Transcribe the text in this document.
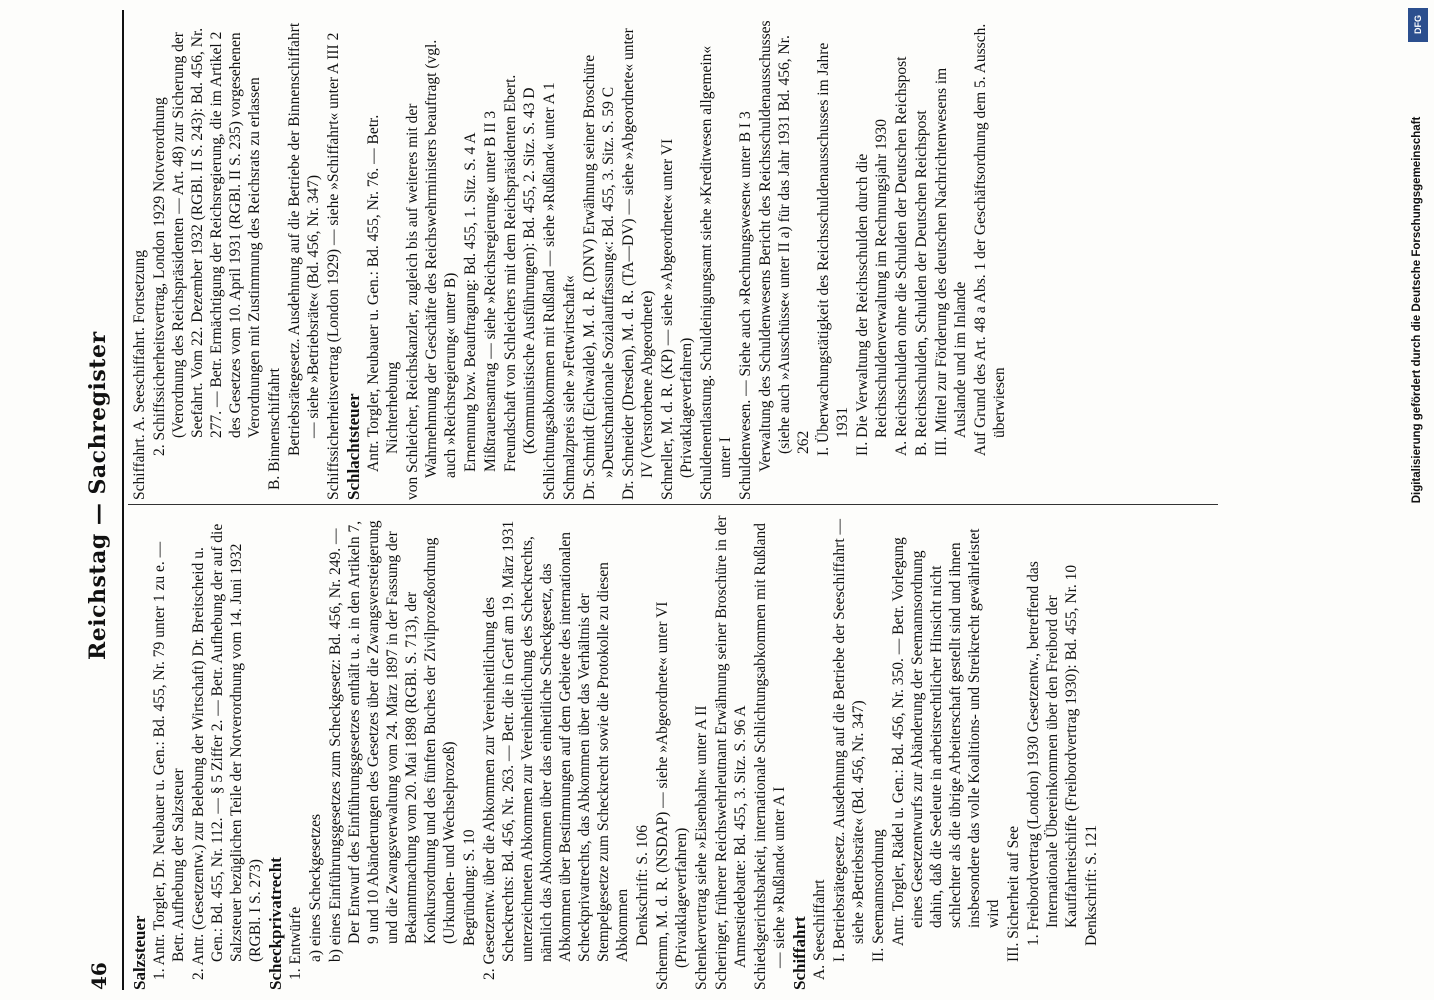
46
Reichstag — Sachregister

Salzsteuer 1. Antr. Torgler, Dr. Neubauer u. Gen.: Bd. 455, Nr. 79 unter 1 zu e. — Betr. Aufhebung der Salzsteuer 2. Antr. (Gesetzentw.) zur Belebung der Wirtschaft) Dr. Breitscheid u. Gen.: Bd. 455, Nr. 112. — § 5 Ziffer 2. — Betr. Aufhebung der auf die Salzsteuer bezüglichen Teile der Notverordnung vom 14. Juni 1932 (RGBl. I S. 273) Scheckprivatrecht 1. Entwürfe a) eines Scheckgesetzes b) eines Einführungsgesetzes zum Scheckgesetz: Bd. 456, Nr. 249. — Der Entwurf des Einführungsgesetzes enthält u. a. in den Artikeln 7, 9 und 10 Abänderungen des Gesetzes über die Zwangsversteigerung und die Zwangsverwaltung vom 24. März 1897 in der Fassung der Bekanntmachung vom 20. Mai 1898 (RGBl. S. 713), der Konkursordnung und des fünften Buches der Zivilprozeßordnung (Urkunden- und Wechselprozeß) Begründung: S. 10 2. Gesetzentw. über die Abkommen zur Vereinheitlichung des Scheckrechts: Bd. 456, Nr. 263. — Betr. die in Genf am 19. März 1931 unterzeichneten Abkommen zur Vereinheitlichung des Scheckrechts, nämlich das Abkommen über das einheitliche Scheckgesetz, das Abkommen über Bestimmungen auf dem Gebiete des internationalen Scheckprivatrechts, das Abkommen über das Verhältnis der Stempelgesetze zum Scheckrecht sowie die Protokolle zu diesen Abkommen Denkschrift: S. 106 Schemm, M. d. R. (NSDAP) — siehe »Abgeordnete« unter VI (Privatklageverfahren) Schenkervertrag siehe »Eisenbahn« unter A II Scheringer, früherer Reichswehrleutnant Erwähnung seiner Broschüre in der Amnestiedebatte: Bd. 455, 3. Sitz. S. 96 A Schiedsgerichtsbarkeit, internationale Schlichtungsabkommen mit Rußland — siehe »Rußland« unter A I Schiffahrt A. Seeschiffahrt I. Betriebsrätegesetz. Ausdehnung auf die Betriebe der Seeschiffahrt — siehe »Betriebsräte« (Bd. 456, Nr. 347) II. Seemannsordnung Antr. Torgler, Rädel u. Gen.: Bd. 456, Nr. 350. — Betr. Vorlegung eines Gesetzentwurfs zur Abänderung der Seemannsordnung dahin, daß die Seeleute in arbeitsrechtlicher Hinsicht nicht schlechter als die übrige Arbeiterschaft gestellt sind und ihnen insbesondere das volle Koalitions- und Streikrecht gewährleistet wird III. Sicherheit auf See 1. Freibordvertrag (London) 1930 Gesetzentw., betreffend das Internationale Übereinkommen über den Freibord der Kauffahrteischiffe (Freibordvertrag 1930): Bd. 455, Nr. 10 Denkschrift: S. 121

Schiffahrt. A. Seeschiffahrt. Fortsetzung 2. Schiffssicherheitsvertrag, London 1929 Notverordnung (Verordnung des Reichspräsidenten — Art. 48) zur Sicherung der Seefahrt. Vom 22. Dezember 1932 (RGBl. II S. 243): Bd. 456, Nr. 277. — Betr. Ermächtigung der Reichsregierung, die im Artikel 2 des Gesetzes vom 10. April 1931 (RGBl. II S. 235) vorgesehenen Verordnungen mit Zustimmung des Reichsrats zu erlassen B. Binnenschiffahrt Betriebsrätegesetz. Ausdehnung auf die Betriebe der Binnenschiffahrt — siehe »Betriebsräte« (Bd. 456, Nr. 347) Schiffssicherheitsvertrag (London 1929) — siehe »Schiffahrt« unter A III 2 Schlachtsteuer Antr. Torgler, Neubauer u. Gen.: Bd. 455, Nr. 76. — Betr. Nichterhebung von Schleicher, Reichskanzler, zugleich bis auf weiteres mit der Wahrnehmung der Geschäfte des Reichswehrministers beauftragt (vgl. auch »Reichsregierung« unter B) Ernennung bzw. Beauftragung: Bd. 455, 1. Sitz. S. 4 A Mißtrauensantrag — siehe »Reichsregierung« unter B II 3 Freundschaft von Schleichers mit dem Reichspräsidenten Ebert. (Kommunistische Ausführungen): Bd. 455, 2. Sitz. S. 43 D Schlichtungsabkommen mit Rußland — siehe »Rußland« unter A 1 Schmalzpreis siehe »Fettwirtschaft« Dr. Schmidt (Eichwalde), M. d. R. (DNV) Erwähnung seiner Broschüre »Deutschnationale Sozialauffassung«: Bd. 455, 3. Sitz. S. 59 C Dr. Schneider (Dresden), M. d. R. (TA—DV) — siehe »Abgeordnete« unter IV (Verstorbene Abgeordnete) Schneller, M. d. R. (KP) — siehe »Abgeordnete« unter VI (Privatklageverfahren) Schuldenentlastung. Schuldeinigungsamt siehe »Kreditwesen allgemein« unter I Schuldenwesen. — Siehe auch »Rechnungswesen« unter B I 3 Verwaltung des Schuldenwesens Bericht des Reichsschuldenausschusses (siehe auch »Ausschüsse« unter II a) für das Jahr 1931 Bd. 456, Nr. 262 I. Überwachungstätigkeit des Reichsschuldenausschusses im Jahre 1931 II. Die Verwaltung der Reichsschulden durch die Reichsschuldenverwaltung im Rechnungsjahr 1930 A. Reichsschulden ohne die Schulden der Deutschen Reichspost B. Reichsschulden, Schulden der Deutschen Reichspost III. Mittel zur Förderung des deutschen Nachrichtenwesens im Auslande und im Inlande Auf Grund des Art. 48 a Abs. 1 der Geschäftsordnung dem 5. Aussch. überwiesen	Digitalisierung gefördert durch die Deutsche Forschungsgemeinschaft
DFG
